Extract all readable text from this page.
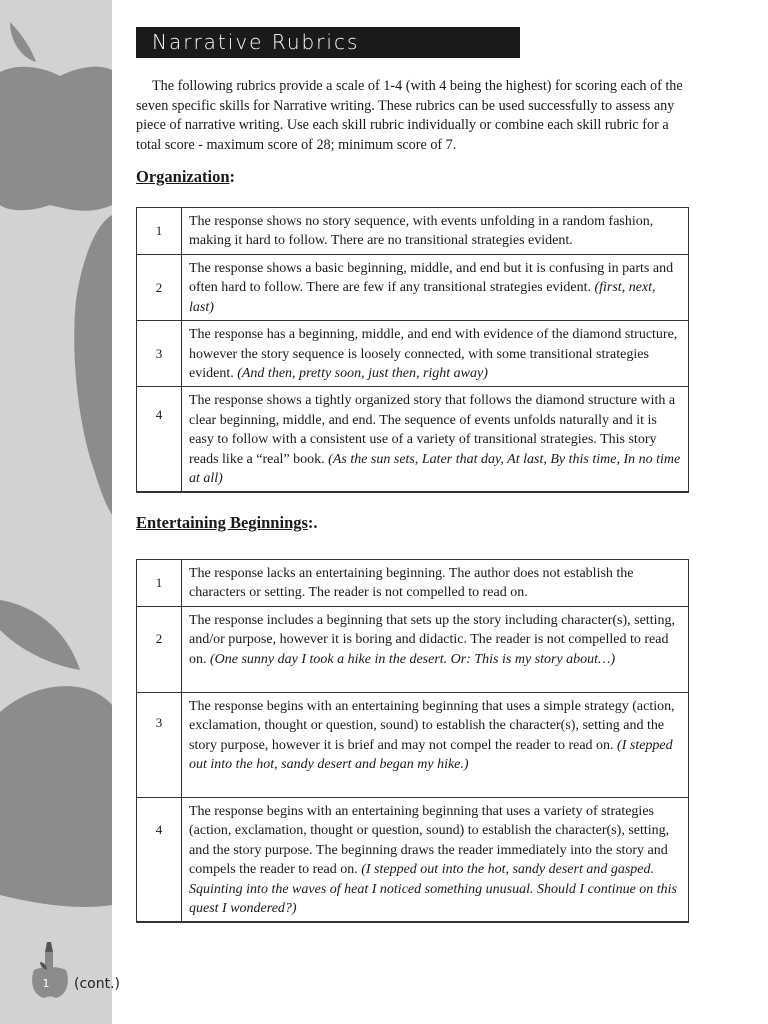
Narrative Rubrics

The following rubrics provide a scale of 1-4 (with 4 being the highest) for scoring each of the seven specific skills for Narrative writing. These rubrics can be used successfully to assess any piece of narrative writing. Use each skill rubric individually or combine each skill rubric for a total score - maximum score of 28; minimum score of 7.

Organization:
1	The response shows no story sequence, with events unfolding in a random fashion, making it hard to follow. There are no transitional strategies evident.
2	The response shows a basic beginning, middle, and end but it is confusing in parts and often hard to follow. There are few if any transitional strategies evident. (first, next, last)
3	The response has a beginning, middle, and end with evidence of the diamond structure, however the story sequence is loosely connected, with some transitional strategies evident. (And then, pretty soon, just then, right away)
4	The response shows a tightly organized story that follows the diamond structure with a clear beginning, middle, and end. The sequence of events unfolds naturally and it is easy to follow with a consistent use of a variety of transitional strategies. This story reads like a “real” book. (As the sun sets, Later that day, At last, By this time, In no time at all)
Entertaining Beginnings:.
1	The response lacks an entertaining beginning. The author does not establish the characters or setting. The reader is not compelled to read on.
2	The response includes a beginning that sets up the story including character(s), setting, and/or purpose, however it is boring and didactic. The reader is not compelled to read on. (One sunny day I took a hike in the desert. Or: This is my story about…)
3	The response begins with an entertaining beginning that uses a simple strategy (action, exclamation, thought or question, sound) to establish the character(s), setting and the story purpose, however it is brief and may not compel the reader to read on. (I stepped out into the hot, sandy desert and began my hike.)
4	The response begins with an entertaining beginning that uses a variety of strategies (action, exclamation, thought or question, sound) to establish the character(s), setting, and the story purpose. The beginning draws the reader immediately into the story and compels the reader to read on. (I stepped out into the hot, sandy desert and gasped. Squinting into the waves of heat I noticed something unusual. Should I continue on this quest I wondered?)
1	(cont.)
